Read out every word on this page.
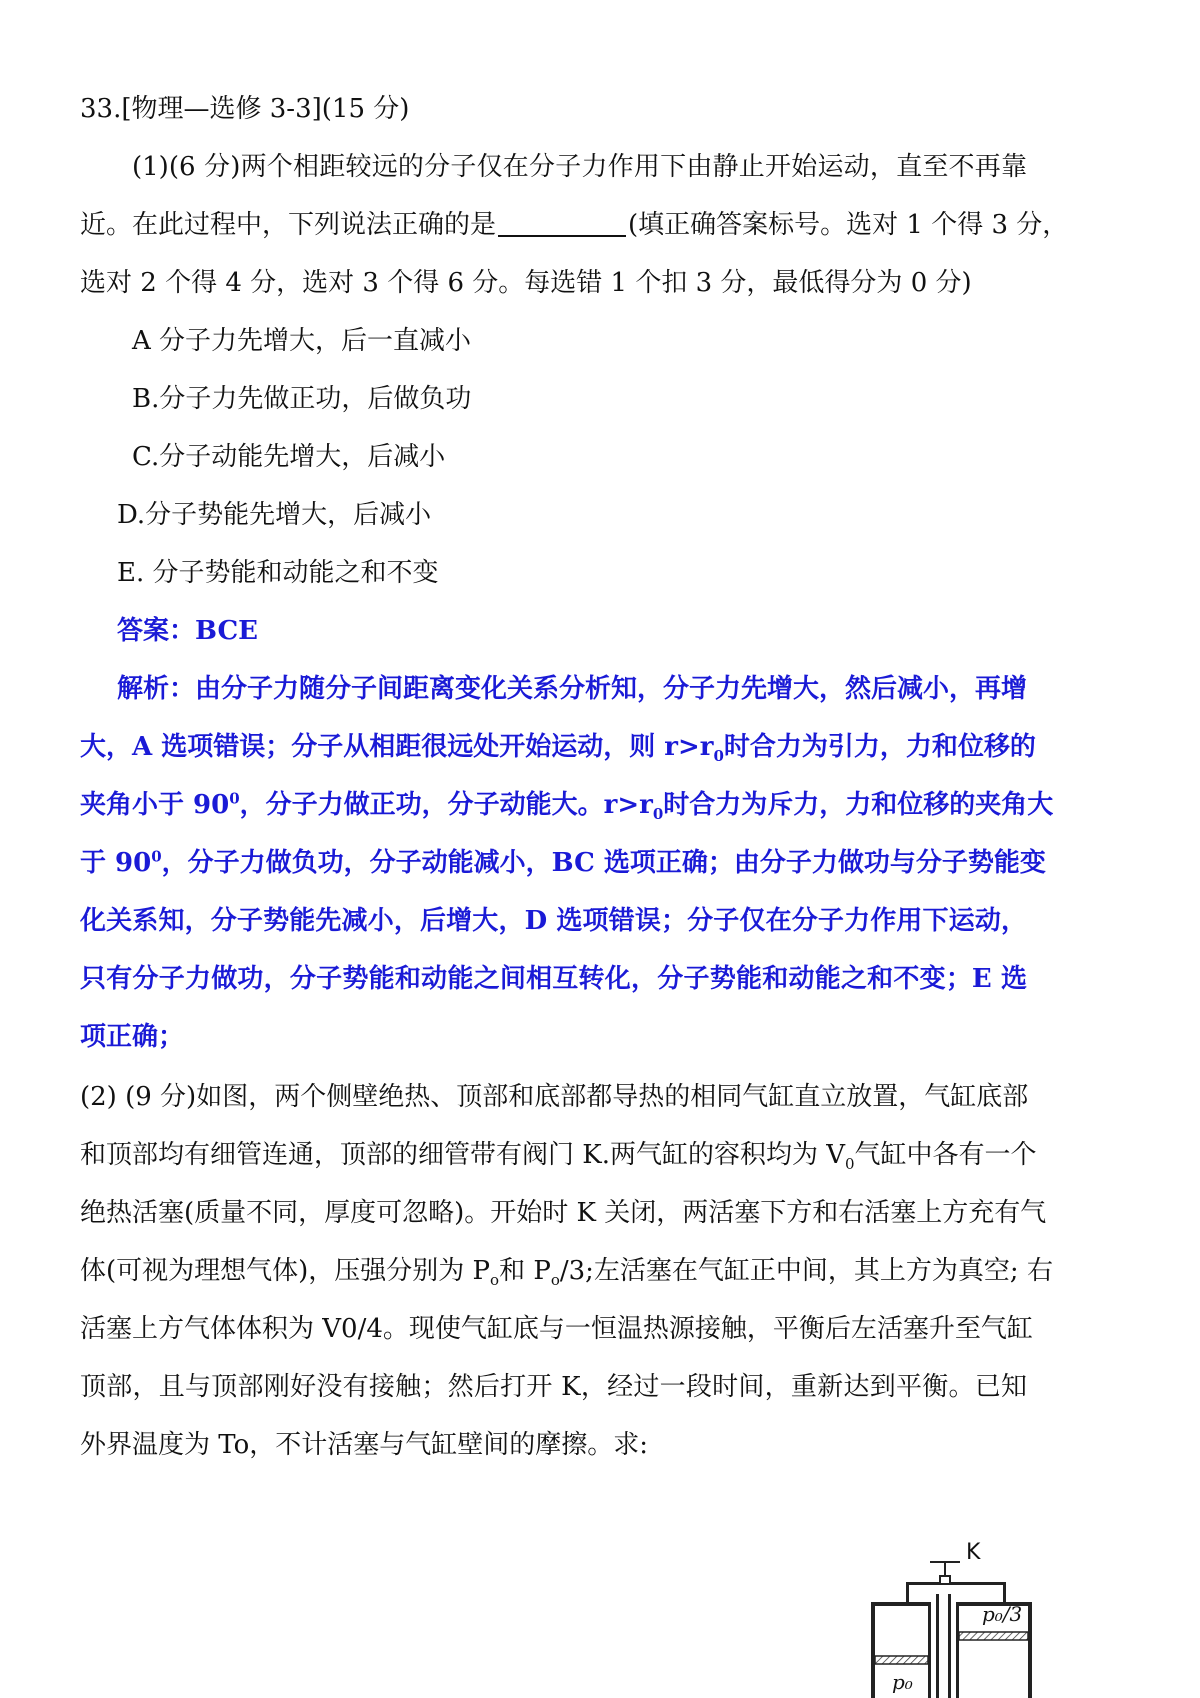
33.[物理—选修 3-3](15 分)
(1)(6 分)两个相距较远的分子仅在分子力作用下由静止开始运动，直至不再靠
近。在此过程中，下列说法正确的是	(填正确答案标号。选对 1 个得 3 分，
选对 2 个得 4 分，选对 3 个得 6 分。每选错 1 个扣 3 分，最低得分为 0 分)
A 分子力先增大，后一直减小
B.分子力先做正功，后做负功
C.分子动能先增大，后减小
D.分子势能先增大，后减小
E. 分子势能和动能之和不变
答案：BCE
解析：由分子力随分子间距离变化关系分析知，分子力先增大，然后减小，再增
大，A 选项错误；分子从相距很远处开始运动，则 $r>r_0$时合力为引力，力和位移的
夹角小于 $90^0$，分子力做正功，分子动能大。$r>r_0$时合力为斥力，力和位移的夹角大
于 $90^0$，分子力做负功，分子动能减小，BC 选项正确；由分子力做功与分子势能变
化关系知，分子势能先减小，后增大，D 选项错误；分子仅在分子力作用下运动，
只有分子力做功，分子势能和动能之间相互转化，分子势能和动能之和不变；E 选
项正确；
(2) (9 分)如图，两个侧壁绝热、顶部和底部都导热的相同气缸直立放置，气缸底部
和顶部均有细管连通，顶部的细管带有阀门 K.两气缸的容积均为 $V_0$气缸中各有一个
绝热活塞(质量不同，厚度可忽略)。开始时 K 关闭，两活塞下方和右活塞上方充有气
体(可视为理想气体)，压强分别为 $P_o$和 $P_o/3$;左活塞在气缸正中间，其上方为真空; 右
活塞上方气体体积为 V0/4。现使气缸底与一恒温热源接触，平衡后左活塞升至气缸
顶部，且与顶部刚好没有接触；然后打开 K，经过一段时间，重新达到平衡。已知
外界温度为 To，不计活塞与气缸壁间的摩擦。求:
K
p₀/3
p₀
